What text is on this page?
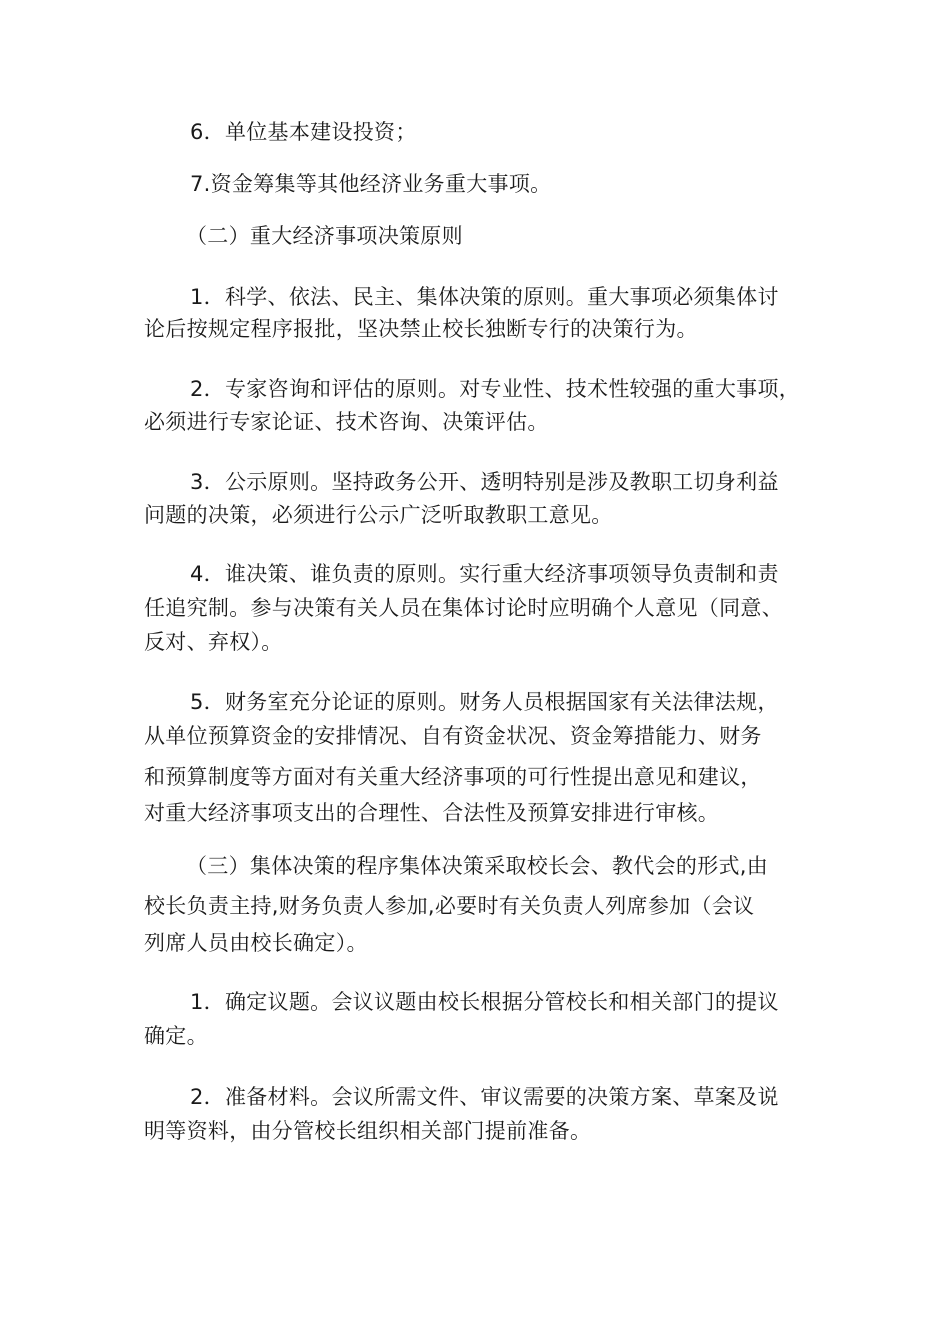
6．单位基本建设投资；
7.资金筹集等其他经济业务重大事项。
（二）重大经济事项决策原则
1．科学、依法、民主、集体决策的原则。重大事项必须集体讨
论后按规定程序报批，坚决禁止校长独断专行的决策行为。
2．专家咨询和评估的原则。对专业性、技术性较强的重大事项，
必须进行专家论证、技术咨询、决策评估。
3．公示原则。坚持政务公开、透明特别是涉及教职工切身利益
问题的决策，必须进行公示广泛听取教职工意见。
4．谁决策、谁负责的原则。实行重大经济事项领导负责制和责
任追究制。参与决策有关人员在集体讨论时应明确个人意见（同意、
反对、弃权）。
5．财务室充分论证的原则。财务人员根据国家有关法律法规，
从单位预算资金的安排情况、自有资金状况、资金筹措能力、财务
和预算制度等方面对有关重大经济事项的可行性提出意见和建议，
对重大经济事项支出的合理性、合法性及预算安排进行审核。
（三）集体决策的程序集体决策采取校长会、教代会的形式,由
校长负责主持,财务负责人参加,必要时有关负责人列席参加（会议
列席人员由校长确定）。
1．确定议题。会议议题由校长根据分管校长和相关部门的提议
确定。
2．准备材料。会议所需文件、审议需要的决策方案、草案及说
明等资料，由分管校长组织相关部门提前准备。
